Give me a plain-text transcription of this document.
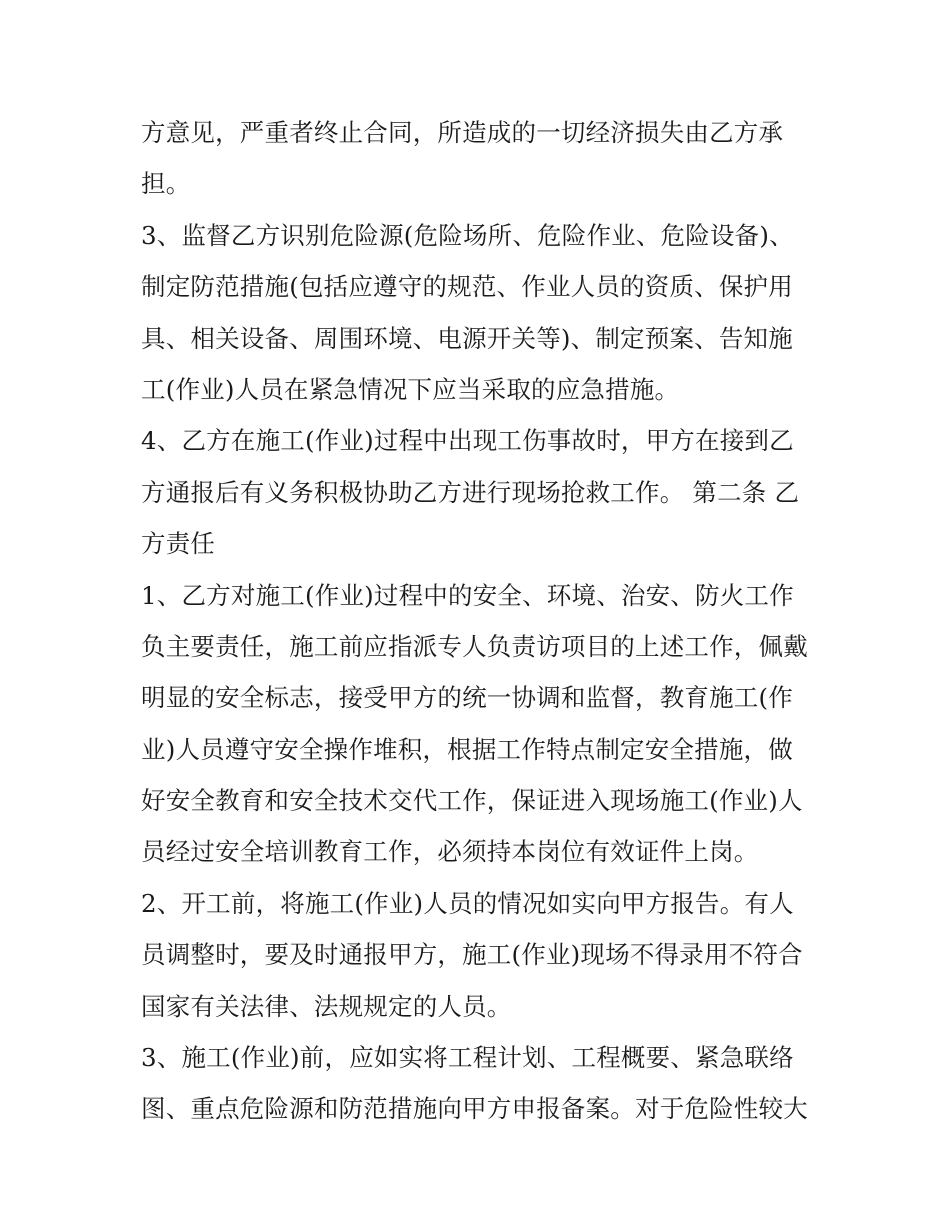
方意见，严重者终止合同，所造成的一切经济损失由乙方承
担。
3、监督乙方识别危险源(危险场所、危险作业、危险设备)、
制定防范措施(包括应遵守的规范、作业人员的资质、保护用
具、相关设备、周围环境、电源开关等)、制定预案、告知施
工(作业)人员在紧急情况下应当采取的应急措施。
4、乙方在施工(作业)过程中出现工伤事故时，甲方在接到乙
方通报后有义务积极协助乙方进行现场抢救工作。 第二条 乙
方责任
1、乙方对施工(作业)过程中的安全、环境、治安、防火工作
负主要责任，施工前应指派专人负责访项目的上述工作，佩戴
明显的安全标志，接受甲方的统一协调和监督，教育施工(作
业)人员遵守安全操作堆积，根据工作特点制定安全措施，做
好安全教育和安全技术交代工作，保证进入现场施工(作业)人
员经过安全培训教育工作，必须持本岗位有效证件上岗。
2、开工前，将施工(作业)人员的情况如实向甲方报告。有人
员调整时，要及时通报甲方，施工(作业)现场不得录用不符合
国家有关法律、法规规定的人员。
3、施工(作业)前，应如实将工程计划、工程概要、紧急联络
图、重点危险源和防范措施向甲方申报备案。对于危险性较大
